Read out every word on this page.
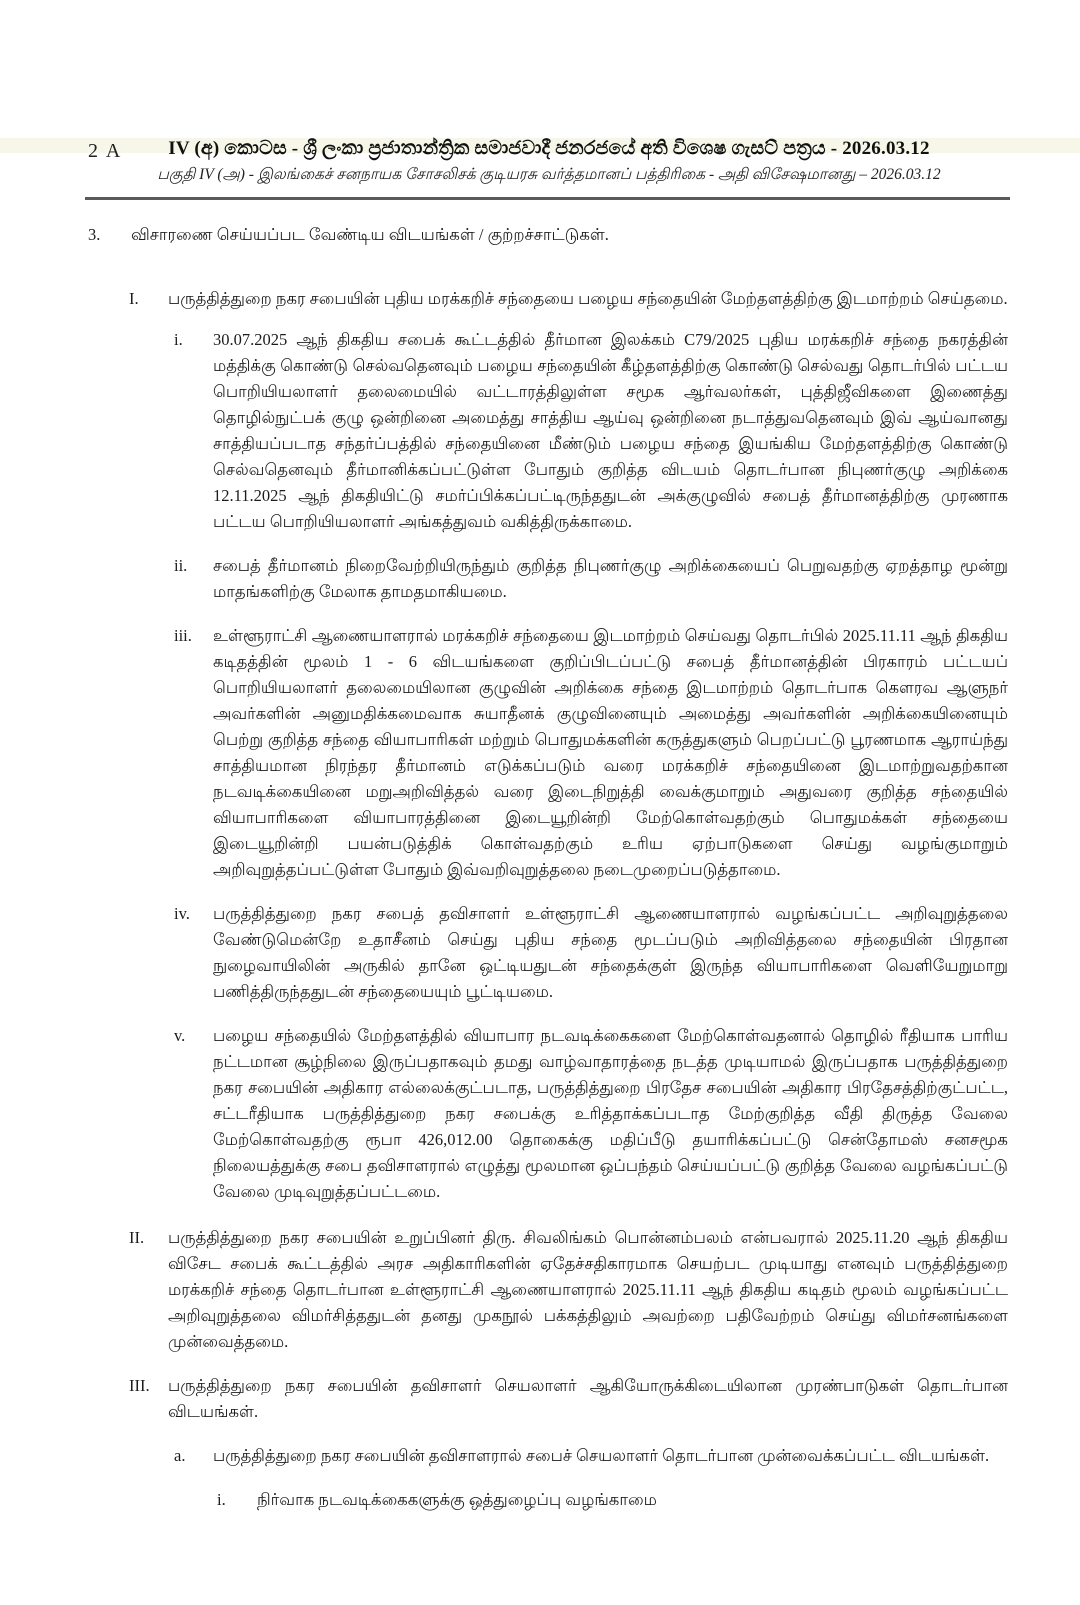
2 A	IV (අ) කොටස - ශ්‍රී ලංකා ප්‍රජාතාන්ත්‍රික සමාජවාදී ජනරජයේ අති විශෙෂ ගැසට් පත්‍රය - 2026.03.12
பகுதி IV (அ) - இலங்கைச் சனநாயக சோசலிசக் குடியரசு வர்த்தமானப் பத்திரிகை - அதி விசேஷமானது – 2026.03.12
3.	விசாரணை செய்யப்பட வேண்டிய விடயங்கள் / குற்றச்சாட்டுகள்.
I.	பருத்தித்துறை நகர சபையின் புதிய மரக்கறிச் சந்தையை பழைய சந்தையின் மேற்தளத்திற்கு இடமாற்றம் செய்தமை.
i.	30.07.2025 ஆந் திகதிய சபைக் கூட்டத்தில் தீர்மான இலக்கம் C79/2025 புதிய மரக்கறிச் சந்தை நகரத்தின் மத்திக்கு கொண்டு செல்வதெனவும் பழைய சந்தையின் கீழ்தளத்திற்கு கொண்டு செல்வது தொடர்பில் பட்டய பொறியியலாளர் தலைமையில் வட்டாரத்திலுள்ள சமூக ஆர்வலர்கள், புத்திஜீவிகளை இணைத்து தொழில்நுட்பக் குழு ஒன்றினை அமைத்து சாத்திய ஆய்வு ஒன்றினை நடாத்துவதெனவும் இவ் ஆய்வானது சாத்தியப்படாத சந்தர்ப்பத்தில் சந்தையினை மீண்டும் பழைய சந்தை இயங்கிய மேற்தளத்திற்கு கொண்டு செல்வதெனவும் தீர்மானிக்கப்பட்டுள்ள போதும் குறித்த விடயம் தொடர்பான நிபுணர்குழு அறிக்கை 12.11.2025 ஆந் திகதியிட்டு சமர்ப்பிக்கப்பட்டிருந்ததுடன் அக்குழுவில் சபைத் தீர்மானத்திற்கு முரணாக பட்டய பொறியியலாளர் அங்கத்துவம் வகித்திருக்காமை.
ii.	சபைத் தீர்மானம் நிறைவேற்றியிருந்தும் குறித்த நிபுணர்குழு அறிக்கையைப் பெறுவதற்கு ஏறத்தாழ மூன்று மாதங்களிற்கு மேலாக தாமதமாகியமை.
iii.	உள்ளூராட்சி ஆணையாளரால் மரக்கறிச் சந்தையை இடமாற்றம் செய்வது தொடர்பில் 2025.11.11 ஆந் திகதிய கடிதத்தின் மூலம் 1 - 6 விடயங்களை குறிப்பிடப்பட்டு சபைத் தீர்மானத்தின் பிரகாரம் பட்டயப் பொறியியலாளர் தலைமையிலான குழுவின் அறிக்கை சந்தை இடமாற்றம் தொடர்பாக கௌரவ ஆளுநர் அவர்களின் அனுமதிக்கமைவாக சுயாதீனக் குழுவினையும் அமைத்து அவர்களின் அறிக்கையினையும் பெற்று குறித்த சந்தை வியாபாரிகள் மற்றும் பொதுமக்களின் கருத்துகளும் பெறப்பட்டு பூரணமாக ஆராய்ந்து சாத்தியமான நிரந்தர தீர்மானம் எடுக்கப்படும் வரை மரக்கறிச் சந்தையினை இடமாற்றுவதற்கான நடவடிக்கையினை மறுஅறிவித்தல் வரை இடைநிறுத்தி வைக்குமாறும் அதுவரை குறித்த சந்தையில் வியாபாரிகளை வியாபாரத்தினை இடையூறின்றி மேற்கொள்வதற்கும் பொதுமக்கள் சந்தையை இடையூறின்றி பயன்படுத்திக் கொள்வதற்கும் உரிய ஏற்பாடுகளை செய்து வழங்குமாறும் அறிவுறுத்தப்பட்டுள்ள போதும் இவ்வறிவுறுத்தலை நடைமுறைப்படுத்தாமை.
iv.	பருத்தித்துறை நகர சபைத் தவிசாளர் உள்ளூராட்சி ஆணையாளரால் வழங்கப்பட்ட அறிவுறுத்தலை வேண்டுமென்றே உதாசீனம் செய்து புதிய சந்தை மூடப்படும் அறிவித்தலை சந்தையின் பிரதான நுழைவாயிலின் அருகில் தானே ஒட்டியதுடன் சந்தைக்குள் இருந்த வியாபாரிகளை வெளியேறுமாறு பணித்திருந்ததுடன் சந்தையையும் பூட்டியமை.
v.	பழைய சந்தையில் மேற்தளத்தில் வியாபார நடவடிக்கைகளை மேற்கொள்வதனால் தொழில் ரீதியாக பாரிய நட்டமான சூழ்நிலை இருப்பதாகவும் தமது வாழ்வாதாரத்தை நடத்த முடியாமல் இருப்பதாக பருத்தித்துறை நகர சபையின் அதிகார எல்லைக்குட்படாத, பருத்தித்துறை பிரதேச சபையின் அதிகார பிரதேசத்திற்குட்பட்ட, சட்டரீதியாக பருத்தித்துறை நகர சபைக்கு உரித்தாக்கப்படாத மேற்குறித்த வீதி திருத்த வேலை மேற்கொள்வதற்கு ரூபா 426,012.00 தொகைக்கு மதிப்பீடு தயாரிக்கப்பட்டு சென்தோமஸ் சனசமூக நிலையத்துக்கு சபை தவிசாளரால் எழுத்து மூலமான ஒப்பந்தம் செய்யப்பட்டு குறித்த வேலை வழங்கப்பட்டு வேலை முடிவுறுத்தப்பட்டமை.
II.	பருத்தித்துறை நகர சபையின் உறுப்பினர் திரு. சிவலிங்கம் பொன்னம்பலம் என்பவரால் 2025.11.20 ஆந் திகதிய விசேட சபைக் கூட்டத்தில் அரச அதிகாரிகளின் ஏதேச்சதிகாரமாக செயற்பட முடியாது எனவும் பருத்தித்துறை மரக்கறிச் சந்தை தொடர்பான உள்ளூராட்சி ஆணையாளரால் 2025.11.11 ஆந் திகதிய கடிதம் மூலம் வழங்கப்பட்ட அறிவுறுத்தலை விமர்சித்ததுடன் தனது முகநூல் பக்கத்திலும் அவற்றை பதிவேற்றம் செய்து விமர்சனங்களை முன்வைத்தமை.
III.	பருத்தித்துறை நகர சபையின் தவிசாளர் செயலாளர் ஆகியோருக்கிடையிலான முரண்பாடுகள் தொடர்பான விடயங்கள்.
a.	பருத்தித்துறை நகர சபையின் தவிசாளரால் சபைச் செயலாளர் தொடர்பான முன்வைக்கப்பட்ட விடயங்கள்.
i.	நிர்வாக நடவடிக்கைகளுக்கு ஒத்துழைப்பு வழங்காமை
